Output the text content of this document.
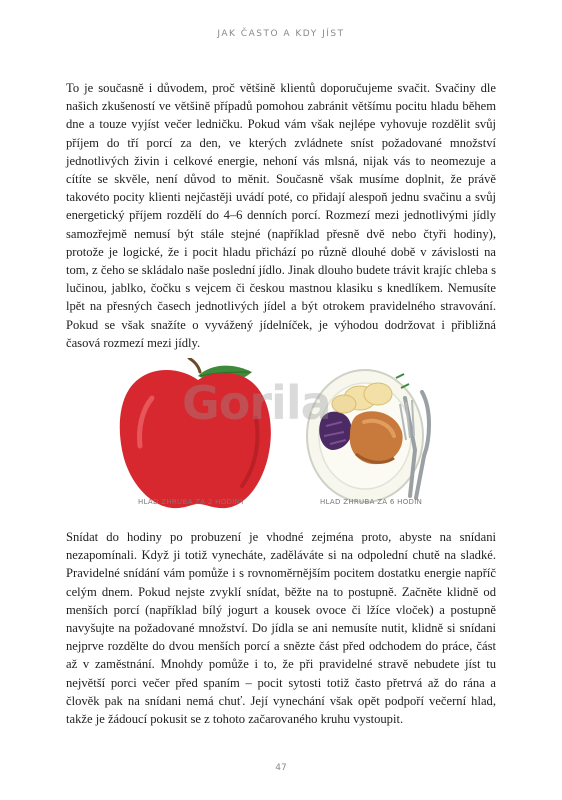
JAK ČASTO A KDY JÍST

To je současně i důvodem, proč většině klientů doporučujeme svačit. Svačiny dle našich zkušeností ve většině případů pomohou zabránit většímu pocitu hladu během dne a touze vyjíst večer ledničku. Pokud vám však nejlépe vyhovuje rozdělit svůj příjem do tří porcí za den, ve kterých zvládnete sníst požadované množství jednotlivých živin i celkové energie, nehoní vás mlsná, nijak vás to neomezuje a cítíte se skvěle, není důvod to měnit. Současně však musíme doplnit, že právě takovéto pocity klienti nejčastěji uvádí poté, co přidají alespoň jednu svačinu a svůj energetický příjem rozdělí do 4–6 denních porcí. Rozmezí mezi jednotlivými jídly samozřejmě nemusí být stále stejné (například přesně dvě nebo čtyři hodiny), protože je logické, že i pocit hladu přichází po různě dlouhé době v závislosti na tom, z čeho se skládalo naše poslední jídlo. Jinak dlouho budete trávit krajíc chleba s lučinou, jablko, čočku s vejcem či českou mastnou klasiku s knedlíkem. Nemusíte lpět na přesných časech jednotlivých jídel a být otrokem pravidelného stravování. Pokud se však snažíte o vyvážený jídelníček, je výhodou dodržovat i přibližná časová rozmezí mezi jídly.

Gorila
HLAD ZHRUBA ZA 2 HODINY	HLAD ZHRUBA ZA 6 HODIN

Snídat do hodiny po probuzení je vhodné zejména proto, abyste na snídani nezapomínali. Když ji totiž vynecháte, zaděláváte si na odpolední chutě na sladké. Pravidelné snídání vám pomůže i s rovnoměrnějším pocitem dostatku energie napříč celým dnem. Pokud nejste zvyklí snídat, běžte na to postupně. Začněte klidně od menších porcí (například bílý jogurt a kousek ovoce či lžíce vloček) a postupně navyšujte na požadované množství. Do jídla se ani nemusíte nutit, klidně si snídani nejprve rozdělte do dvou menších porcí a snězte část před odchodem do práce, část až v zaměstnání. Mnohdy pomůže i to, že při pravidelné stravě nebudete jíst tu největší porci večer před spaním – pocit sytosti totiž často přetrvá až do rána a člověk pak na snídani nemá chuť. Její vynechání však opět podpoří večerní hlad, takže je žádoucí pokusit se z tohoto začarovaného kruhu vystoupit.

47
